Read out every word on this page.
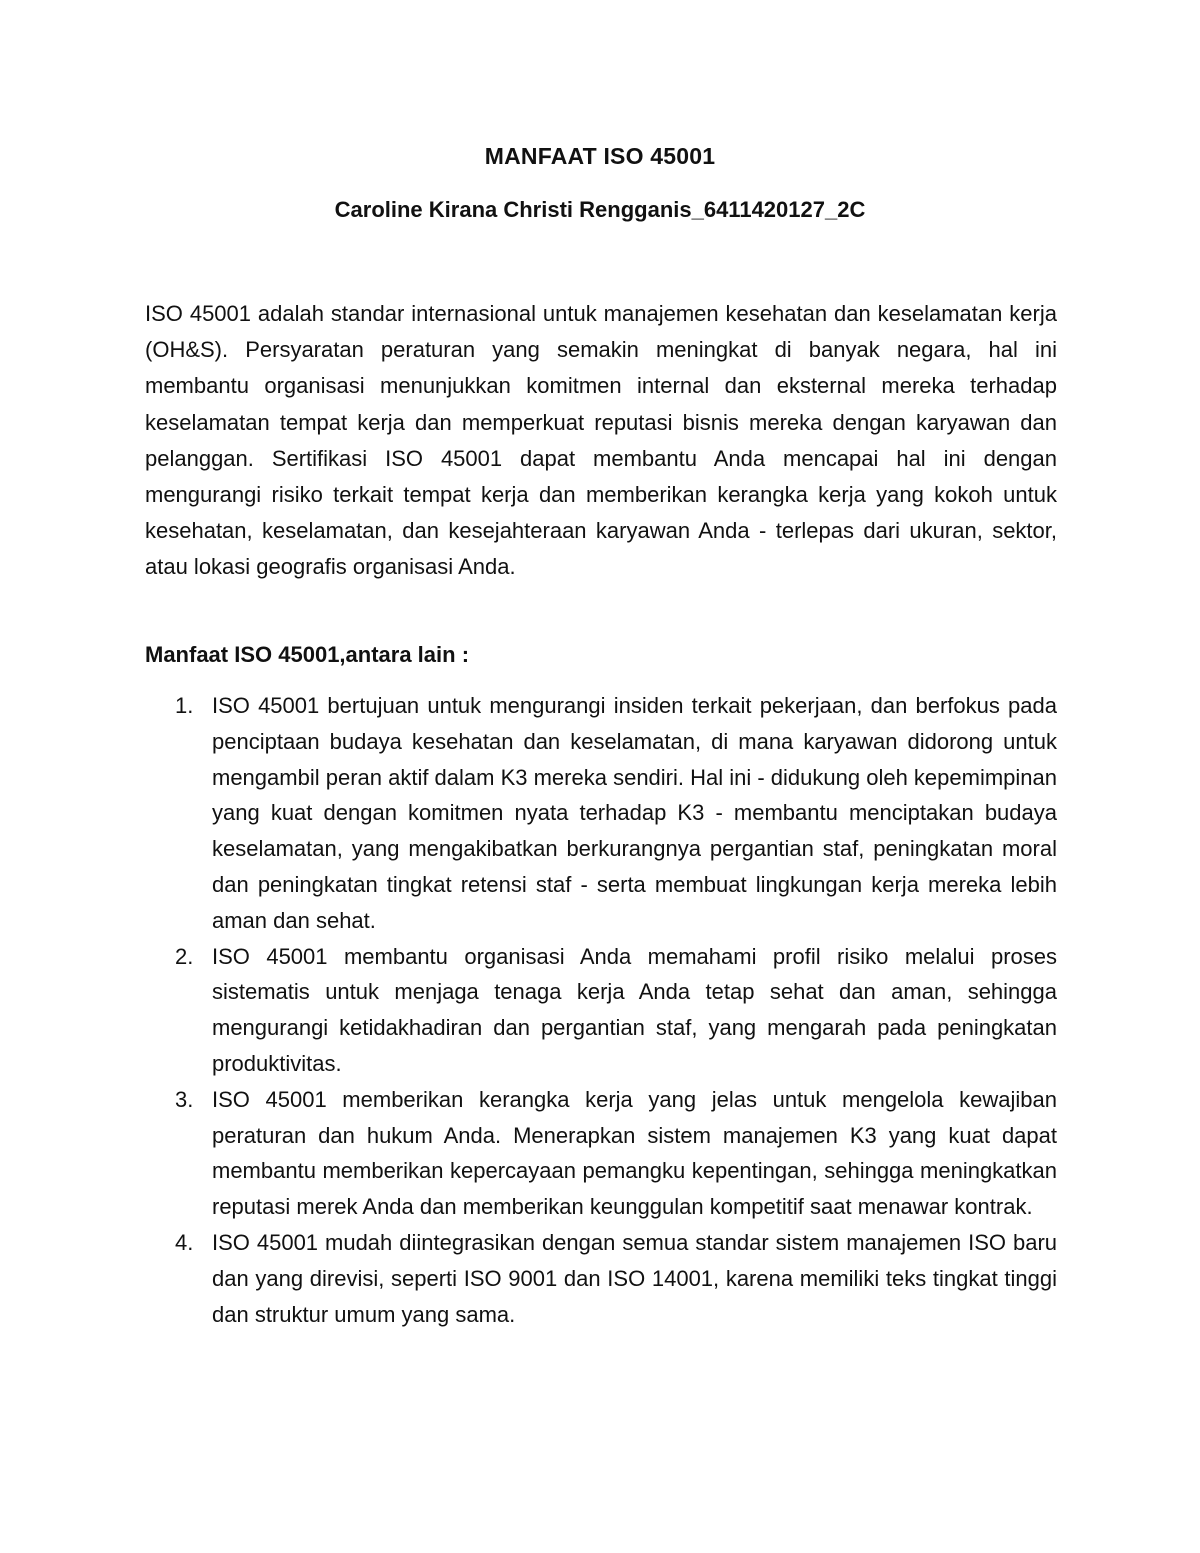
MANFAAT ISO 45001

Caroline Kirana Christi Rengganis_6411420127_2C

ISO 45001 adalah standar internasional untuk manajemen kesehatan dan keselamatan kerja (OH&S). Persyaratan peraturan yang semakin meningkat di banyak negara, hal ini membantu organisasi menunjukkan komitmen internal dan eksternal mereka terhadap keselamatan tempat kerja dan memperkuat reputasi bisnis mereka dengan karyawan dan pelanggan. Sertifikasi ISO 45001 dapat membantu Anda mencapai hal ini dengan mengurangi risiko terkait tempat kerja dan memberikan kerangka kerja yang kokoh untuk kesehatan, keselamatan, dan kesejahteraan karyawan Anda - terlepas dari ukuran, sektor, atau lokasi geografis organisasi Anda.

Manfaat ISO 45001,antara lain :
1. ISO 45001 bertujuan untuk mengurangi insiden terkait pekerjaan, dan berfokus pada penciptaan budaya kesehatan dan keselamatan, di mana karyawan didorong untuk mengambil peran aktif dalam K3 mereka sendiri. Hal ini - didukung oleh kepemimpinan yang kuat dengan komitmen nyata terhadap K3 - membantu menciptakan budaya keselamatan, yang mengakibatkan berkurangnya pergantian staf, peningkatan moral dan peningkatan tingkat retensi staf - serta membuat lingkungan kerja mereka lebih aman dan sehat.
2. ISO 45001 membantu organisasi Anda memahami profil risiko melalui proses sistematis untuk menjaga tenaga kerja Anda tetap sehat dan aman, sehingga mengurangi ketidakhadiran dan pergantian staf, yang mengarah pada peningkatan produktivitas.
3. ISO 45001 memberikan kerangka kerja yang jelas untuk mengelola kewajiban peraturan dan hukum Anda. Menerapkan sistem manajemen K3 yang kuat dapat membantu memberikan kepercayaan pemangku kepentingan, sehingga meningkatkan reputasi merek Anda dan memberikan keunggulan kompetitif saat menawar kontrak.
4. ISO 45001 mudah diintegrasikan dengan semua standar sistem manajemen ISO baru dan yang direvisi, seperti ISO 9001 dan ISO 14001, karena memiliki teks tingkat tinggi dan struktur umum yang sama.
